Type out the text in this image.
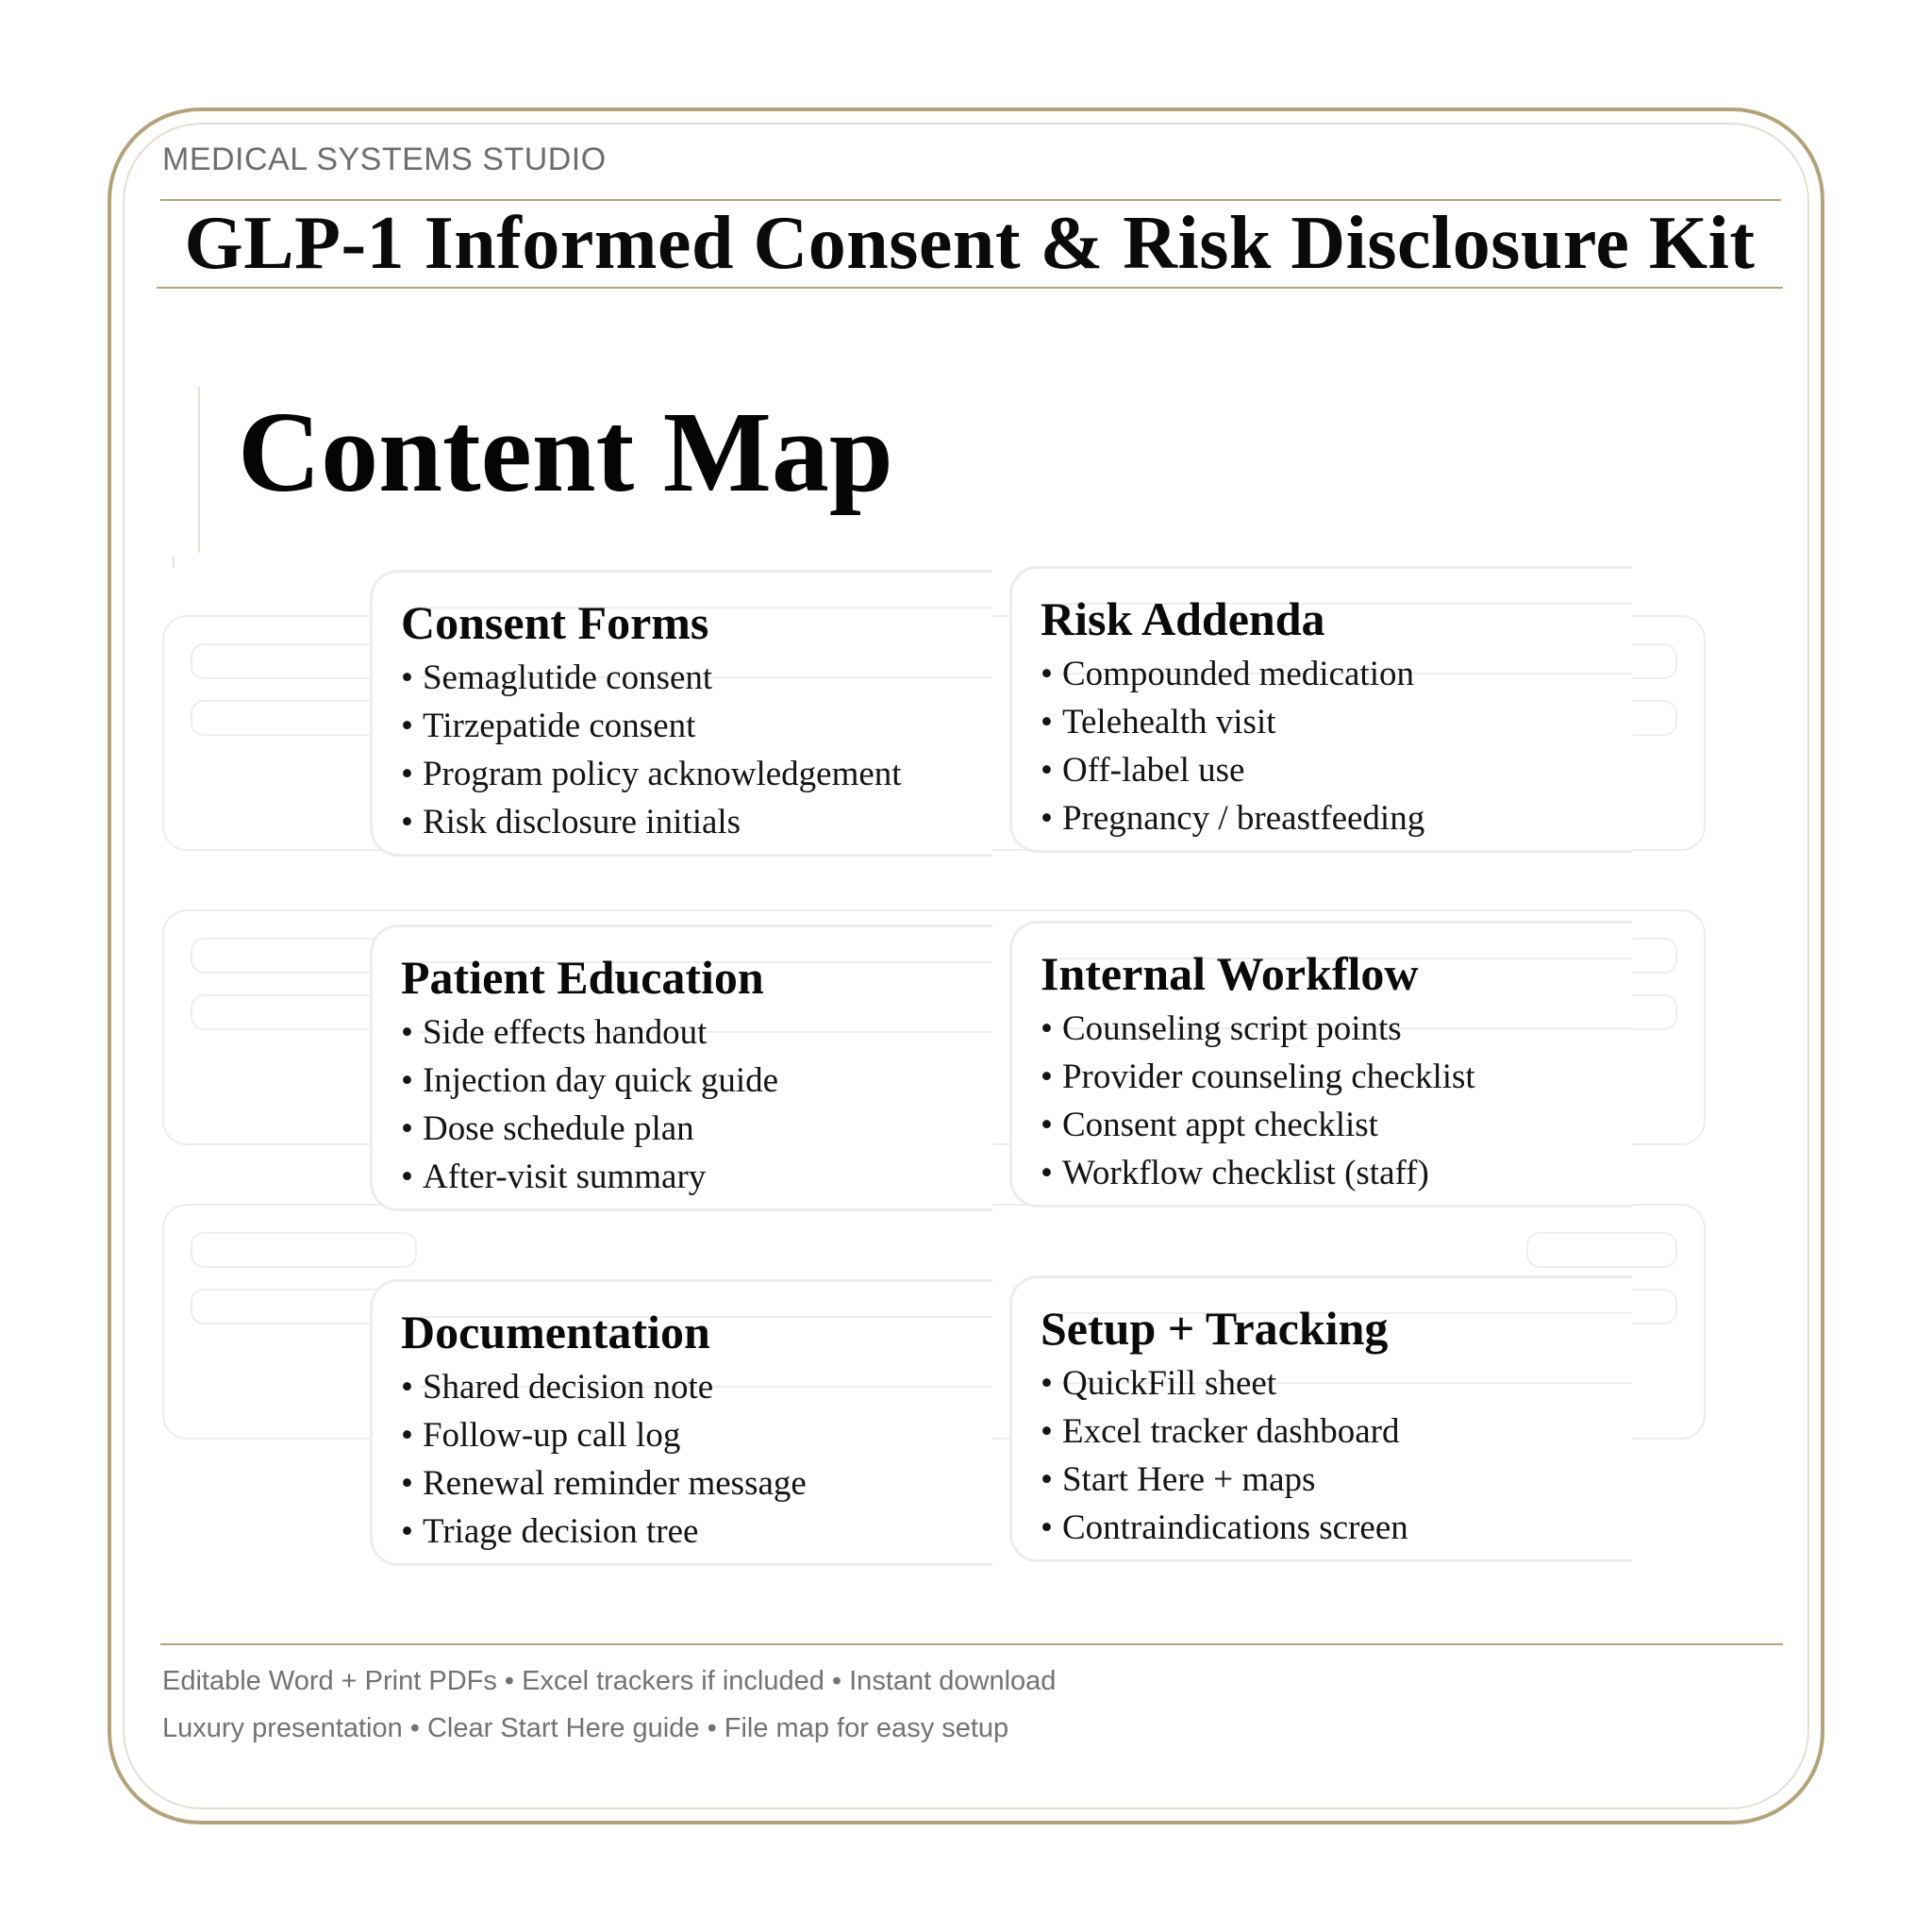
MEDICAL SYSTEMS STUDIO
GLP-1 Informed Consent & Risk Disclosure Kit
Content Map
Consent Forms
• Semaglutide consent
• Tirzepatide consent
• Program policy acknowledgement
• Risk disclosure initials
Risk Addenda
• Compounded medication
• Telehealth visit
• Off-label use
• Pregnancy / breastfeeding
Patient Education
• Side effects handout
• Injection day quick guide
• Dose schedule plan
• After-visit summary
Internal Workflow
• Counseling script points
• Provider counseling checklist
• Consent appt checklist
• Workflow checklist (staff)
Documentation
• Shared decision note
• Follow-up call log
• Renewal reminder message
• Triage decision tree
Setup + Tracking
• QuickFill sheet
• Excel tracker dashboard
• Start Here + maps
• Contraindications screen
Editable Word + Print PDFs • Excel trackers if included • Instant download
Luxury presentation • Clear Start Here guide • File map for easy setup
